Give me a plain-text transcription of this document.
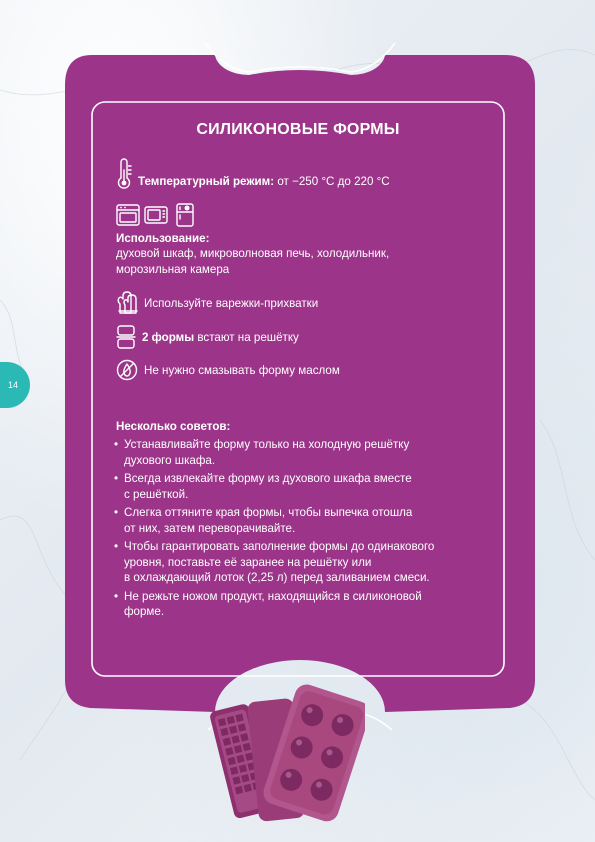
14
СИЛИКОНОВЫЕ ФОРМЫ
Температурный режим: от −250 °C до 220 °C
Использование:
духовой шкаф, микроволновая печь, холодильник, морозильная камера
Используйте варежки-прихватки
2 формы встают на решётку
Не нужно смазывать форму маслом
Несколько советов:
• Устанавливайте форму только на холодную решётку
духового шкафа.
• Всегда извлекайте форму из духового шкафа вместе
с решёткой.
• Слегка оттяните края формы, чтобы выпечка отошла
от них, затем переворачивайте.
• Чтобы гарантировать заполнение формы до одинакового
уровня, поставьте её заранее на решётку или
в охлаждающий лоток (2,25 л) перед заливанием смеси.
• Не режьте ножом продукт, находящийся в силиконовой
форме.
